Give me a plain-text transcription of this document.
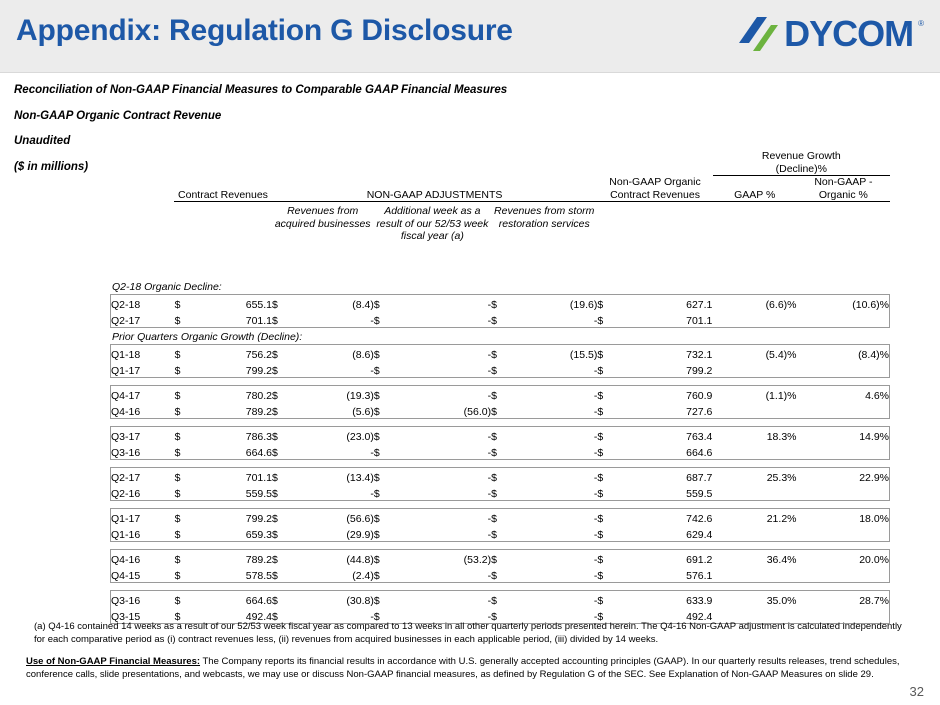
Appendix: Regulation G Disclosure	DYCOM ®
Reconciliation of Non-GAAP Financial Measures to Comparable GAAP Financial Measures
Non-GAAP Organic Contract Revenue
Unaudited
($ in millions)
											Revenue Growth	
											(Decline)%	
									Non-GAAP Organic			Non-GAAP -
	Contract Revenues		NON-GAAP ADJUSTMENTS						Contract Revenues		GAAP %	Organic %
			Revenues from acquired businesses		Additional week as a result of our 52/53 week fiscal year (a)		Revenues from storm restoration services					
Q2-18 Organic Decline:
Q2-18	$	655.1	$	(8.4)	$	-	$	(19.6)	$	627.1	(6.6)%	(10.6)%
Q2-17	$	701.1	$	-	$	-	$	-	$	701.1		
Prior Quarters Organic Growth (Decline):
Q1-18	$	756.2	$	(8.6)	$	-	$	(15.5)	$	732.1	(5.4)%	(8.4)%
Q1-17	$	799.2	$	-	$	-	$	-	$	799.2		
Q4-17	$	780.2	$	(19.3)	$	-	$	-	$	760.9	(1.1)%	4.6%
Q4-16	$	789.2	$	(5.6)	$	(56.0)	$	-	$	727.6		
Q3-17	$	786.3	$	(23.0)	$	-	$	-	$	763.4	18.3%	14.9%
Q3-16	$	664.6	$	-	$	-	$	-	$	664.6		
Q2-17	$	701.1	$	(13.4)	$	-	$	-	$	687.7	25.3%	22.9%
Q2-16	$	559.5	$	-	$	-	$	-	$	559.5		
Q1-17	$	799.2	$	(56.6)	$	-	$	-	$	742.6	21.2%	18.0%
Q1-16	$	659.3	$	(29.9)	$	-	$	-	$	629.4		
Q4-16	$	789.2	$	(44.8)	$	(53.2)	$	-	$	691.2	36.4%	20.0%
Q4-15	$	578.5	$	(2.4)	$	-	$	-	$	576.1		
Q3-16	$	664.6	$	(30.8)	$	-	$	-	$	633.9	35.0%	28.7%
Q3-15	$	492.4	$	-	$	-	$	-	$	492.4		
(a) Q4-16 contained 14 weeks as a result of our 52/53 week fiscal year as compared to 13 weeks in all other quarterly periods presented herein. The Q4-16 Non-GAAP adjustment is calculated independently for each comparative period as (i) contract revenues less, (ii) revenues from acquired businesses in each applicable period, (iii) divided by 14 weeks.
Use of Non-GAAP Financial Measures: The Company reports its financial results in accordance with U.S. generally accepted accounting principles (GAAP). In our quarterly results releases, trend schedules, conference calls, slide presentations, and webcasts, we may use or discuss Non-GAAP financial measures, as defined by Regulation G of the SEC. See Explanation of Non-GAAP Measures on slide 29.
32
